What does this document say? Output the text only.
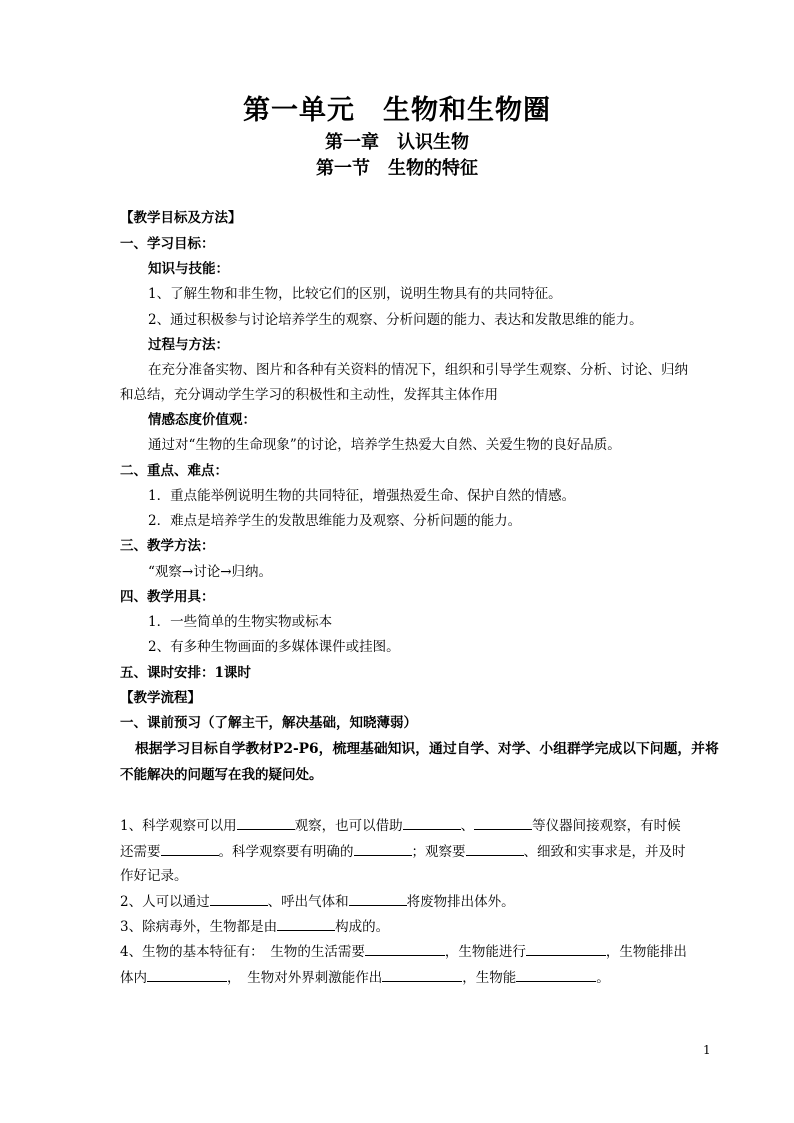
第一单元　生物和生物圈
第一章　认识生物
第一节　生物的特征
【教学目标及方法】
一、学习目标：
知识与技能：
1、了解生物和非生物，比较它们的区别，说明生物具有的共同特征。
2、通过积极参与讨论培养学生的观察、分析问题的能力、表达和发散思维的能力。
过程与方法：
在充分准备实物、图片和各种有关资料的情况下，组织和引导学生观察、分析、讨论、归纳
和总结，充分调动学生学习的积极性和主动性，发挥其主体作用
情感态度价值观：
通过对“生物的生命现象”的讨论，培养学生热爱大自然、关爱生物的良好品质。
二、重点、难点：
1．重点能举例说明生物的共同特征，增强热爱生命、保护自然的情感。
2．难点是培养学生的发散思维能力及观察、分析问题的能力。
三、教学方法：
“观察→讨论→归纳。
四、教学用具：
1．一些简单的生物实物或标本
2、有多种生物画面的多媒体课件或挂图。
五、课时安排：1课时
【教学流程】
一、课前预习（了解主干，解决基础，知晓薄弱）
根据学习目标自学教材P2-P6，梳理基础知识，通过自学、对学、小组群学完成以下问题，并将
不能解决的问题写在我的疑问处。
1、科学观察可以用	观察，也可以借助	、	等仪器间接观察，有时候
还需要	。科学观察要有明确的	；观察要	、细致和实事求是，并及时
作好记录。
2、人可以通过	、呼出气体和	将废物排出体外。
3、除病毒外，生物都是由	构成的。
4、生物的基本特征有：　生物的生活需要	，生物能进行	，生物能排出
体内	，　生物对外界刺激能作出	，生物能	。
1
